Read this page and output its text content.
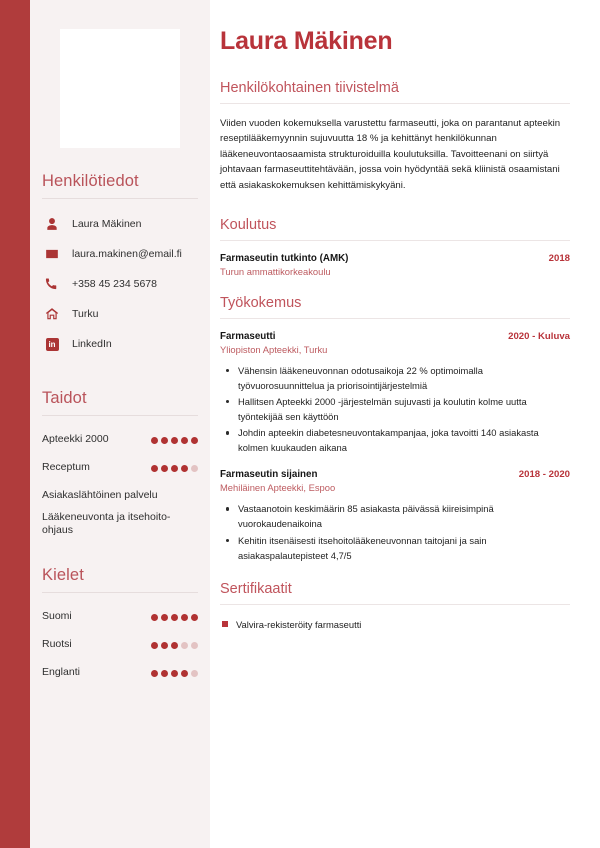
Henkilötiedot
Laura Mäkinen
laura.makinen@email.fi
+358 45 234 5678
Turku
in LinkedIn
Taidot
Apteekki 2000
Receptum
Asiakaslähtöinen palvelu
Lääkeneuvonta ja itsehoito-ohjaus
Kielet
Suomi
Ruotsi
Englanti
Laura Mäkinen
Henkilökohtainen tiivistelmä

Viiden vuoden kokemuksella varustettu farmaseutti, joka on parantanut apteekin reseptilääkemyynnin sujuvuutta 18 % ja kehittänyt henkilökunnan lääkeneuvontaosaamista strukturoiduilla koulutuksilla. Tavoitteenani on siirtyä johtavaan farmaseuttitehtävään, jossa voin hyödyntää sekä kliinistä osaamistani että asiakaskokemuksen kehittämiskykyäni.

Koulutus
Farmaseutin tutkinto (AMK)	2018
Turun ammattikorkeakoulu
Työkokemus
Farmaseutti	2020 - Kuluva
Yliopiston Apteekki, Turku
Vähensin lääkeneuvonnan odotusaikoja 22 % optimoimalla työvuorosuunnittelua ja priorisointijärjestelmiä
Hallitsen Apteekki 2000 -järjestelmän sujuvasti ja koulutin kolme uutta työntekijää sen käyttöön
Johdin apteekin diabetesneuvontakampanjaa, joka tavoitti 140 asiakasta kolmen kuukauden aikana
Farmaseutin sijainen	2018 - 2020
Mehiläinen Apteekki, Espoo
Vastaanotoin keskimäärin 85 asiakasta päivässä kiireisimpinä vuorokaudenaikoina
Kehitin itsenäisesti itsehoitolääkeneuvonnan taitojani ja sain asiakaspalautepisteet 4,7/5
Sertifikaatit
Valvira-rekisteröity farmaseutti
